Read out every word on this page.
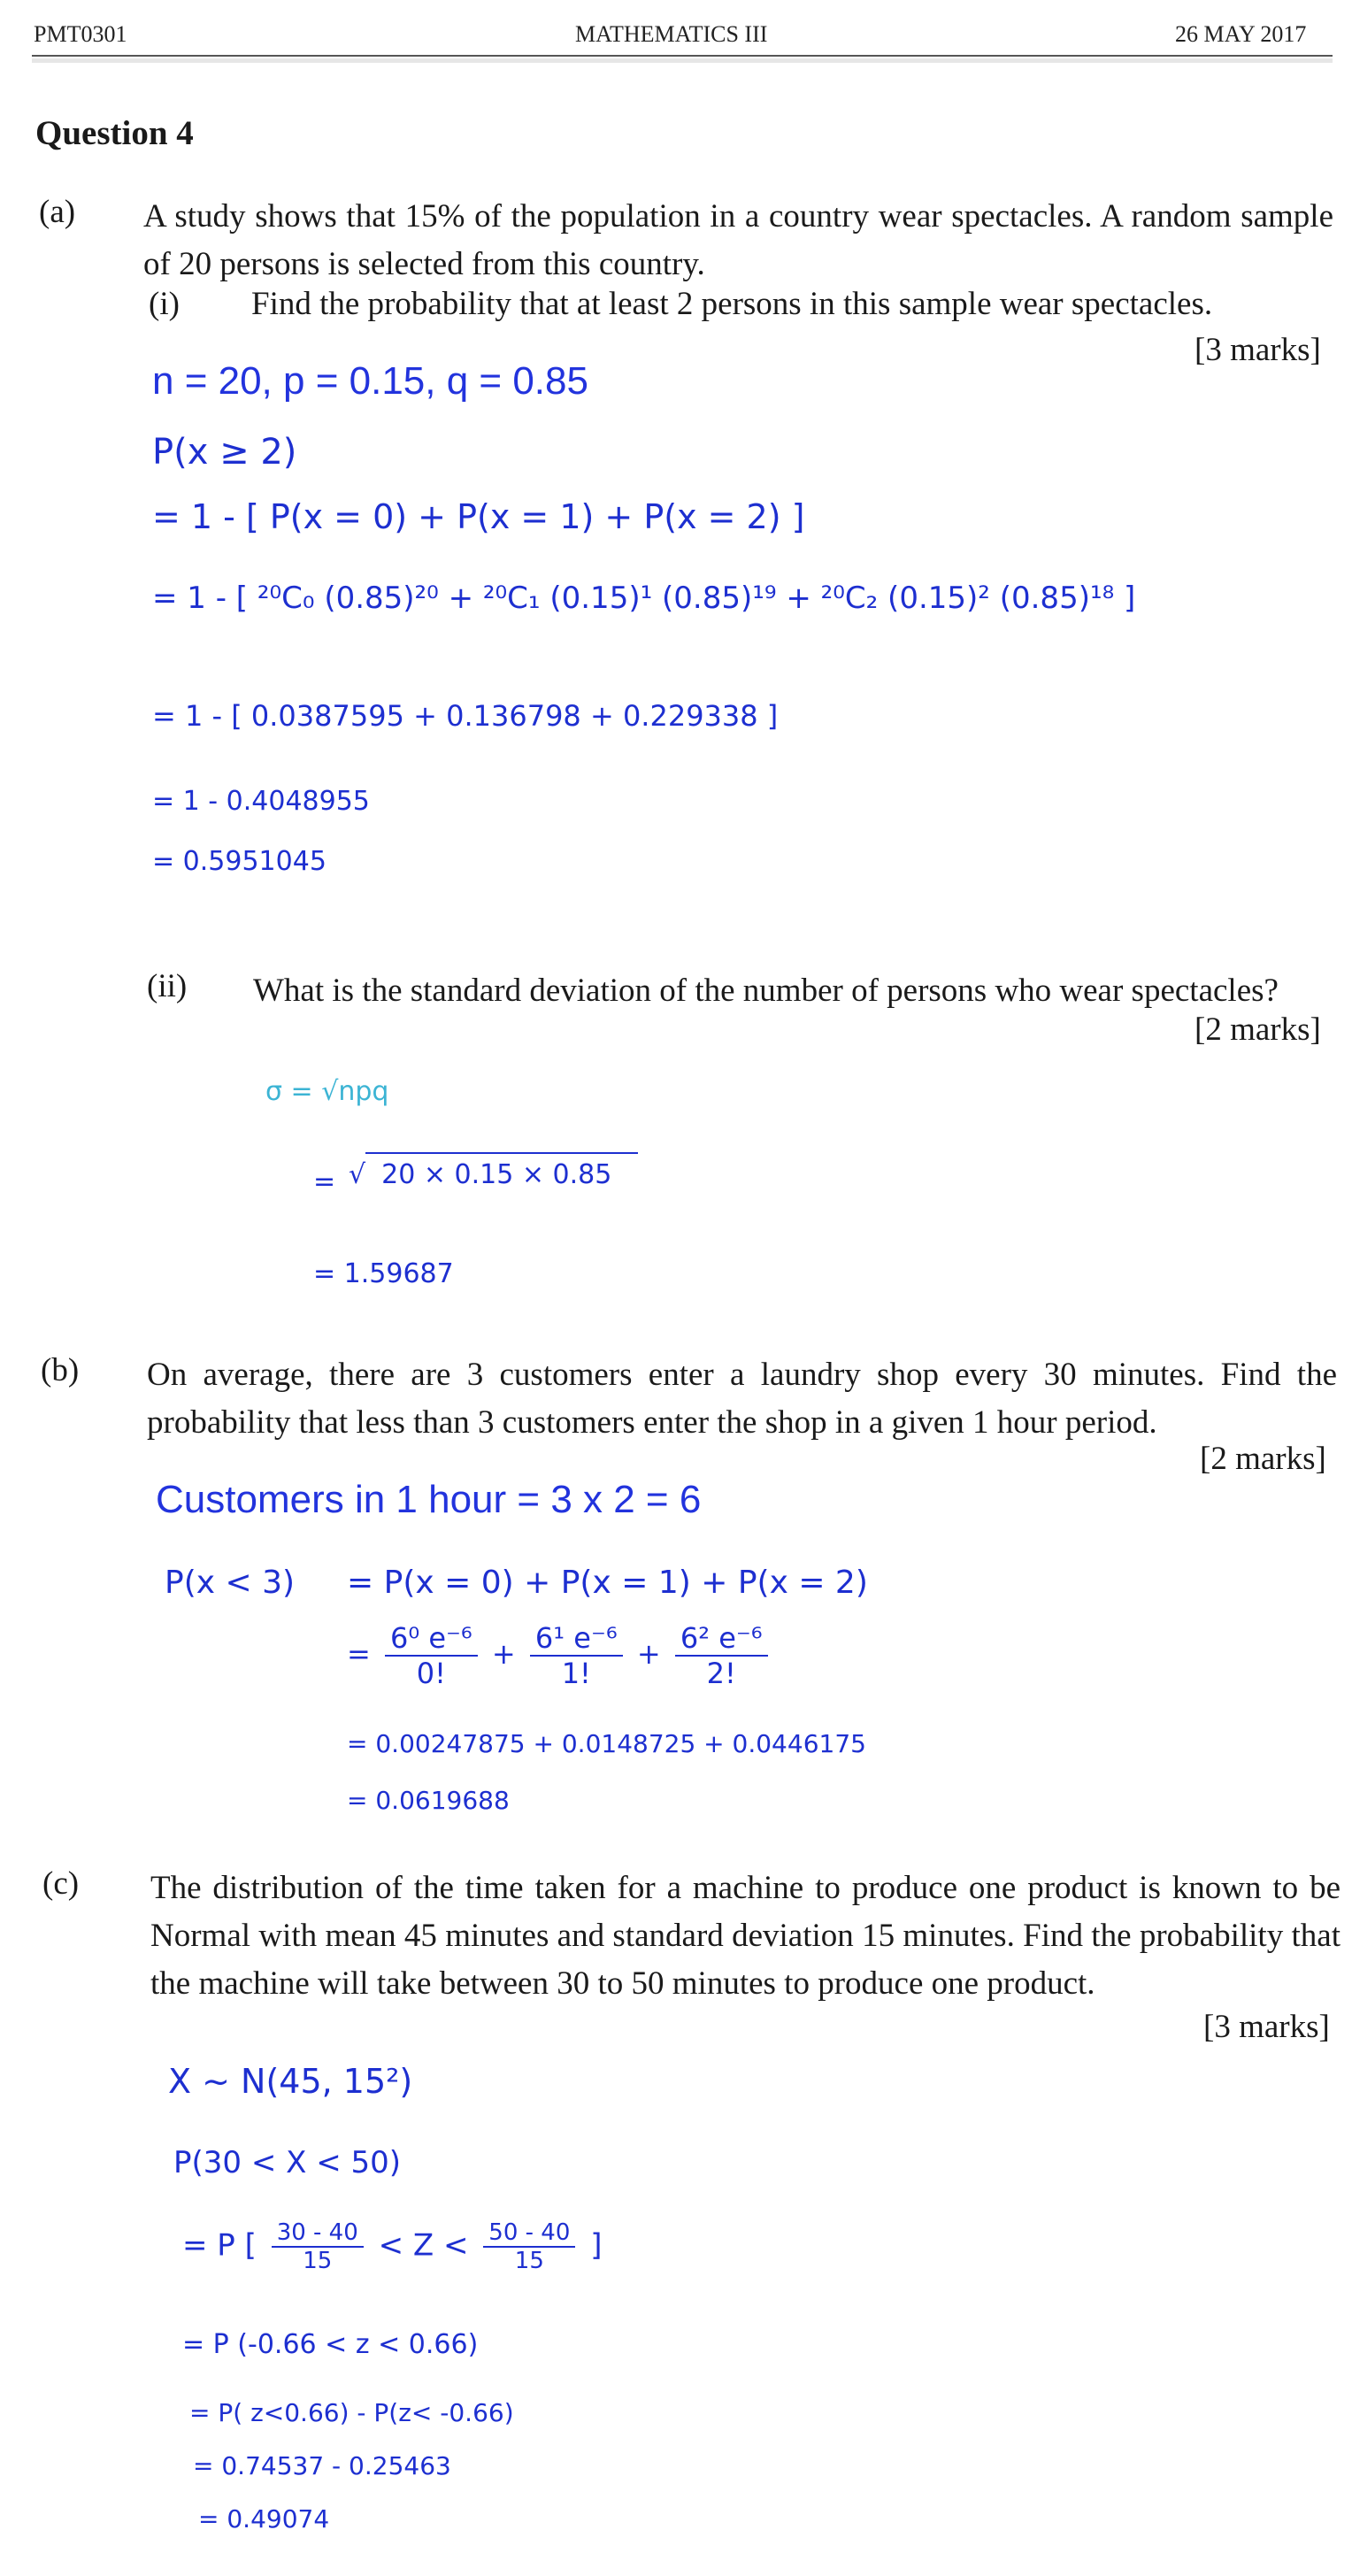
PMT0301	MATHEMATICS III	26 MAY 2017
Question 4
(a) A study shows that 15% of the population in a country wear spectacles. A random sample of 20 persons is selected from this country.
(i) Find the probability that at least 2 persons in this sample wear spectacles.
[3 marks]
n = 20, p = 0.15, q = 0.85
P(x ≥ 2)
= 1 - [ P(x = 0) + P(x = 1) + P(x = 2) ]
= 1 - [ ²⁰C₀ (0.85)²⁰ + ²⁰C₁ (0.15)¹ (0.85)¹⁹ + ²⁰C₂ (0.15)² (0.85)¹⁸ ]
= 1 - [ 0.0387595 + 0.136798 + 0.229338 ]
= 1 - 0.4048955
= 0.5951045
(ii) What is the standard deviation of the number of persons who wear spectacles?
[2 marks]
σ = √npq
= √ 20 × 0.15 × 0.85
= 1.59687
(b) On average, there are 3 customers enter a laundry shop every 30 minutes. Find the probability that less than 3 customers enter the shop in a given 1 hour period.
[2 marks]
Customers in 1 hour = 3 x 2 = 6
P(x < 3) = P(x = 0) + P(x = 1) + P(x = 2)
= $\frac{\text{6⁰ e⁻⁶}}{0!} + \frac{\text{6¹ e⁻⁶}}{1!} + \frac{\text{6² e⁻⁶}}{2!}$
= 0.00247875 + 0.0148725 + 0.0446175
= 0.0619688
(c) The distribution of the time taken for a machine to produce one product is known to be Normal with mean 45 minutes and standard deviation 15 minutes. Find the probability that the machine will take between 30 to 50 minutes to produce one product.
[3 marks]
X ~ N(45, 15²)
P(30 < X < 50)
= P [ $\frac{30 - 40}{15} < Z < \frac{50 - 40}{15}$ ]
= P (-0.66 < z < 0.66)
= P( z<0.66) - P(z< -0.66)
= 0.74537 - 0.25463
= 0.49074
